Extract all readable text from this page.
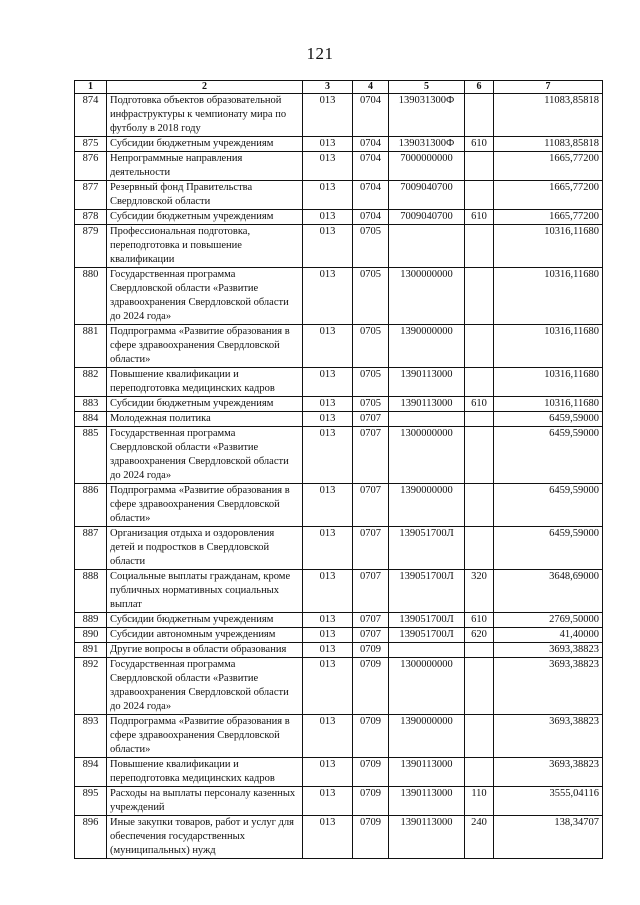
121
1	2	3	4	5	6	7
874	Подготовка объектов образовательной инфраструктуры к чемпионату мира по футболу в 2018 году	013	0704	139031300Ф		11083,85818
875	Субсидии бюджетным учреждениям	013	0704	139031300Ф	610	11083,85818
876	Непрограммные направления деятельности	013	0704	7000000000		1665,77200
877	Резервный фонд Правительства Свердловской области	013	0704	7009040700		1665,77200
878	Субсидии бюджетным учреждениям	013	0704	7009040700	610	1665,77200
879	Профессиональная подготовка, переподготовка и повышение квалификации	013	0705			10316,11680
880	Государственная программа Свердловской области «Развитие здравоохранения Свердловской области до 2024 года»	013	0705	1300000000		10316,11680
881	Подпрограмма «Развитие образования в сфере здравоохранения Свердловской области»	013	0705	1390000000		10316,11680
882	Повышение квалификации и переподготовка медицинских кадров	013	0705	1390113000		10316,11680
883	Субсидии бюджетным учреждениям	013	0705	1390113000	610	10316,11680
884	Молодежная политика	013	0707			6459,59000
885	Государственная программа Свердловской области «Развитие здравоохранения Свердловской области до 2024 года»	013	0707	1300000000		6459,59000
886	Подпрограмма «Развитие образования в сфере здравоохранения Свердловской области»	013	0707	1390000000		6459,59000
887	Организация отдыха и оздоровления детей и подростков в Свердловской области	013	0707	139051700Л		6459,59000
888	Социальные выплаты гражданам, кроме публичных нормативных социальных выплат	013	0707	139051700Л	320	3648,69000
889	Субсидии бюджетным учреждениям	013	0707	139051700Л	610	2769,50000
890	Субсидии автономным учреждениям	013	0707	139051700Л	620	41,40000
891	Другие вопросы в области образования	013	0709			3693,38823
892	Государственная программа Свердловской области «Развитие здравоохранения Свердловской области до 2024 года»	013	0709	1300000000		3693,38823
893	Подпрограмма «Развитие образования в сфере здравоохранения Свердловской области»	013	0709	1390000000		3693,38823
894	Повышение квалификации и переподготовка медицинских кадров	013	0709	1390113000		3693,38823
895	Расходы на выплаты персоналу казенных учреждений	013	0709	1390113000	110	3555,04116
896	Иные закупки товаров, работ и услуг для обеспечения государственных (муниципальных) нужд	013	0709	1390113000	240	138,34707
